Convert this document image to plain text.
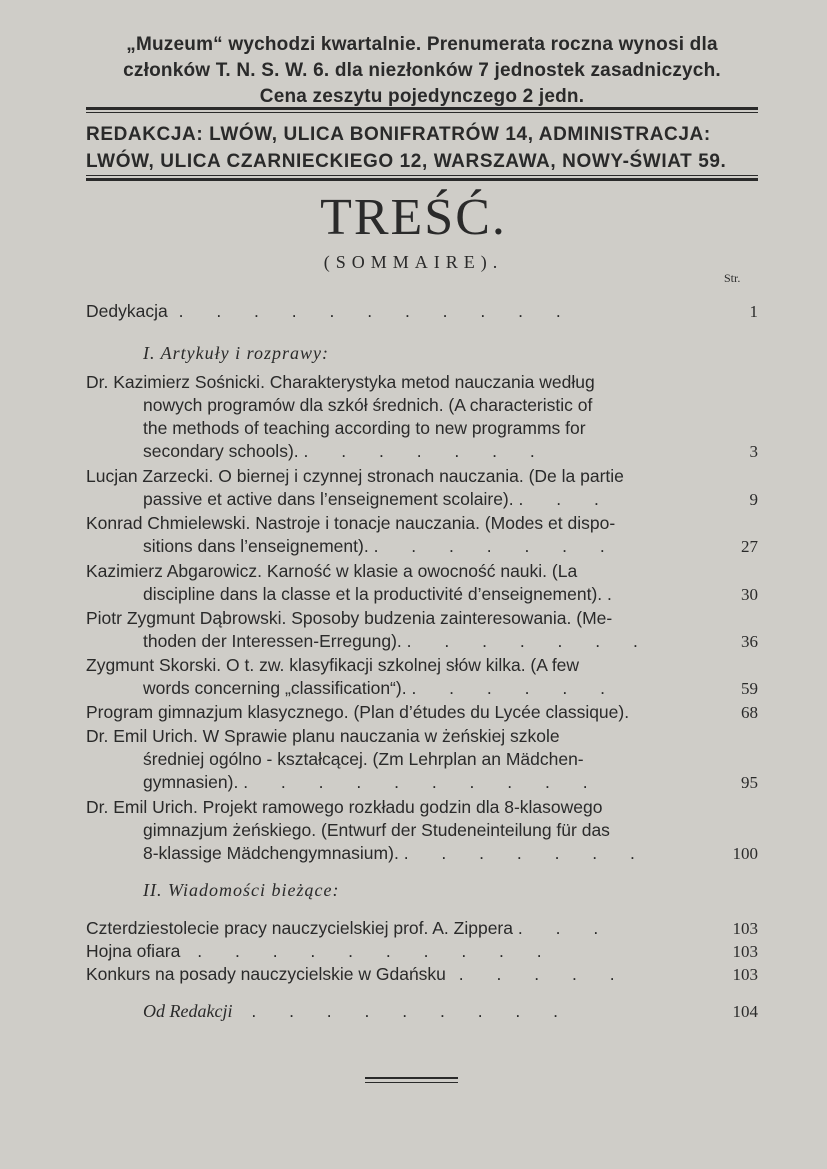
„Muzeum“ wychodzi kwartalnie. Prenumerata roczna wynosi dla
członków T. N. S. W. 6. dla niezłonków 7 jednostek zasadniczych.
Cena zeszytu pojedynczego 2 jedn.
REDAKCJA: LWÓW, ULICA BONIFRATRÓW 14, ADMINISTRACJA:
LWÓW, ULICA CZARNIECKIEGO 12, WARSZAWA, NOWY-ŚWIAT 59.
TREŚĆ.
(SOMMAIRE).
Str.
Dedykacja . . . . . . . . . . .	1
I. Artykuły i rozprawy:
Dr. Kazimierz Sośnicki. Charakterystyka metod nauczania według
nowych programów dla szkół średnich. (A characteristic of
the methods of teaching according to new programms for
secondary schools). . . . . . . .	3
Lucjan Zarzecki. O biernej i czynnej stronach nauczania. (De la partie
passive et active dans l’enseignement scolaire). . . .	9
Konrad Chmielewski. Nastroje i tonacje nauczania. (Modes et dispo-
sitions dans l’enseignement). . . . . . . .	27
Kazimierz Abgarowicz. Karność w klasie a owocność nauki. (La
discipline dans la classe et la productivité d’enseignement). .	30
Piotr Zygmunt Dąbrowski. Sposoby budzenia zainteresowania. (Me-
thoden der Interessen-Erregung). . . . . . . .	36
Zygmunt Skorski. O t. zw. klasyfikacji szkolnej słów kilka. (A few
words concerning „classification“). . . . . . .	59
Program gimnazjum klasycznego. (Plan d’études du Lycée classique).	68
Dr. Emil Urich. W Sprawie planu nauczania w żeńskiej szkole
średniej ogólno - kształcącej. (Zm Lehrplan an Mädchen-
gymnasien). . . . . . . . . . .	95
Dr. Emil Urich. Projekt ramowego rozkładu godzin dla 8-klasowego
gimnazjum żeńskiego. (Entwurf der Studeneinteilung für das
8-klassige Mädchengymnasium). . . . . . . .	100
II. Wiadomości bieżące:
Czterdziestolecie pracy nauczycielskiej prof. A. Zippera . . .	103
Hojna ofiara . . . . . . . . . .	103
Konkurs na posady nauczycielskie w Gdańsku . . . . .	103
Od Redakcji . . . . . . . . .	104
